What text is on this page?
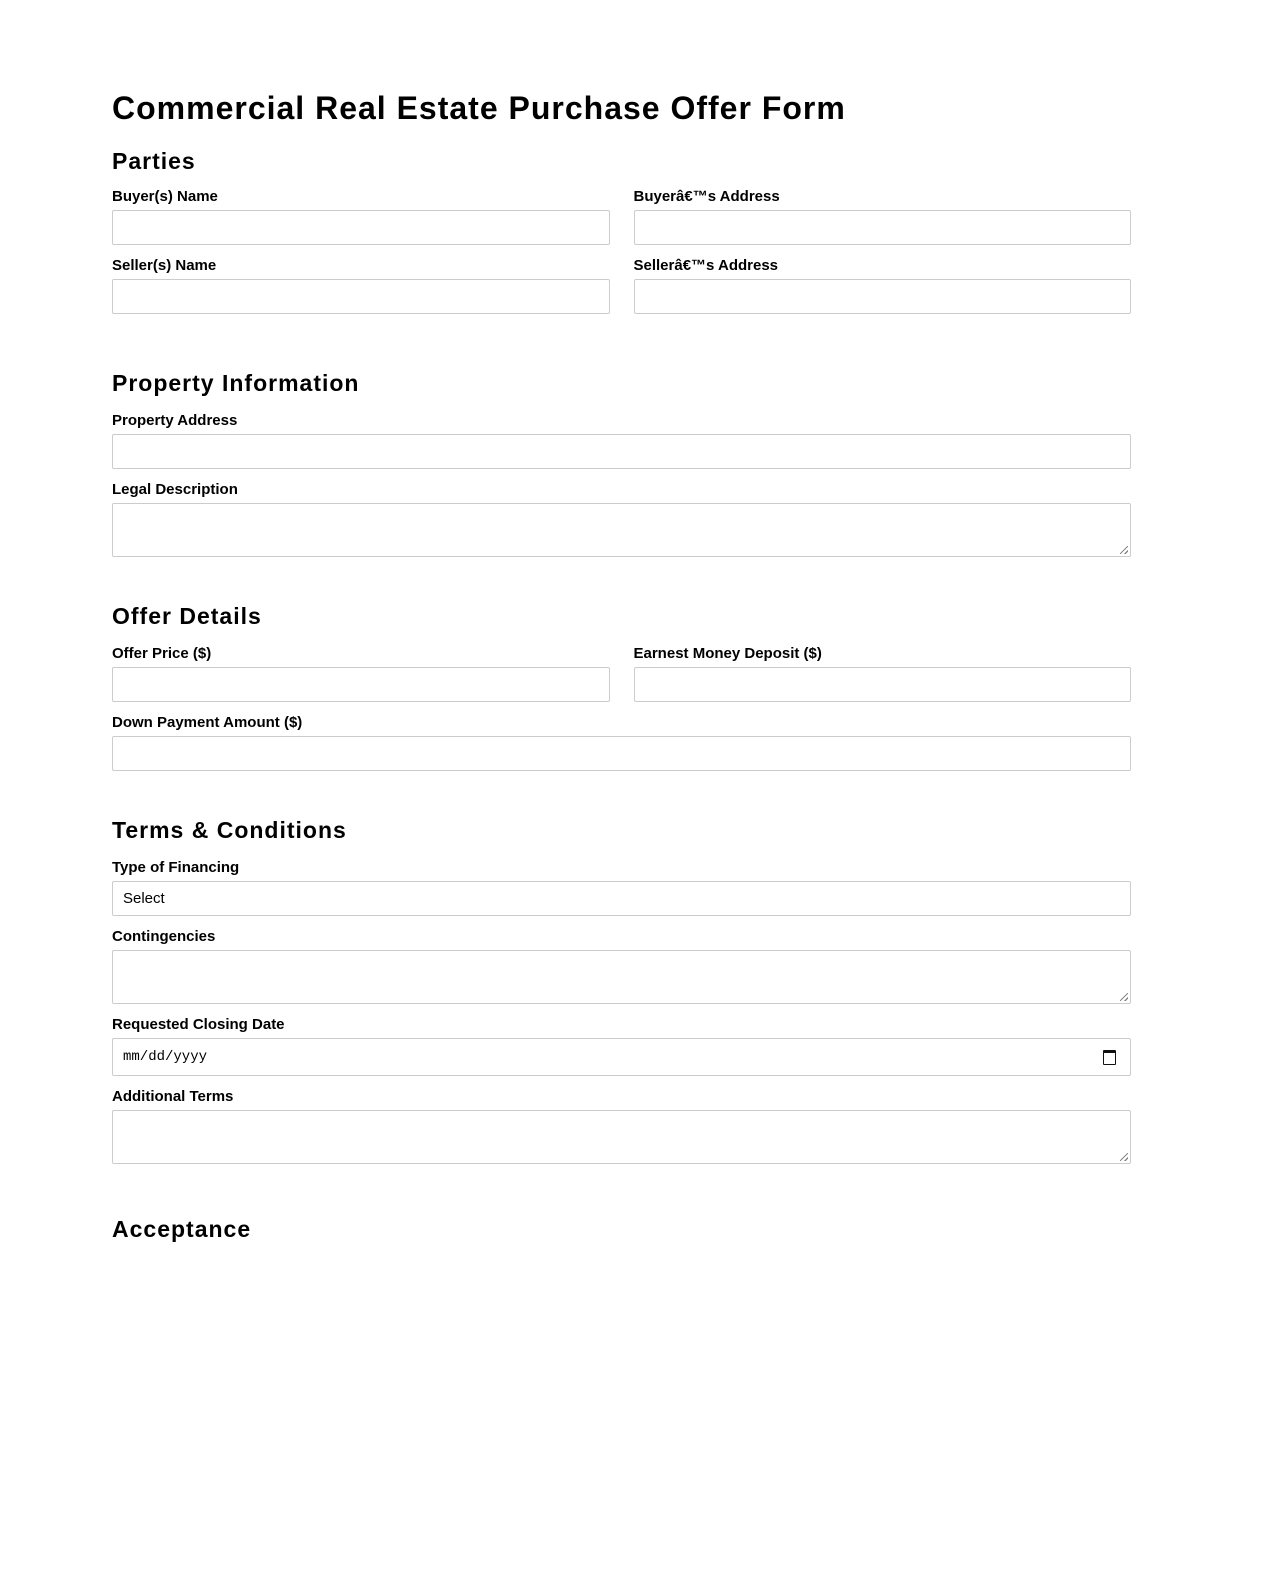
Commercial Real Estate Purchase Offer Form
Parties
Buyer(s) Name	Buyerâ€™s Address
Seller(s) Name	Sellerâ€™s Address
Property Information
Property Address
Legal Description
Offer Details
Offer Price ($)	Earnest Money Deposit ($)
Down Payment Amount ($)
Terms & Conditions
Type of Financing
Select
Contingencies
Requested Closing Date
mm/dd/yyyy
Additional Terms
Acceptance
